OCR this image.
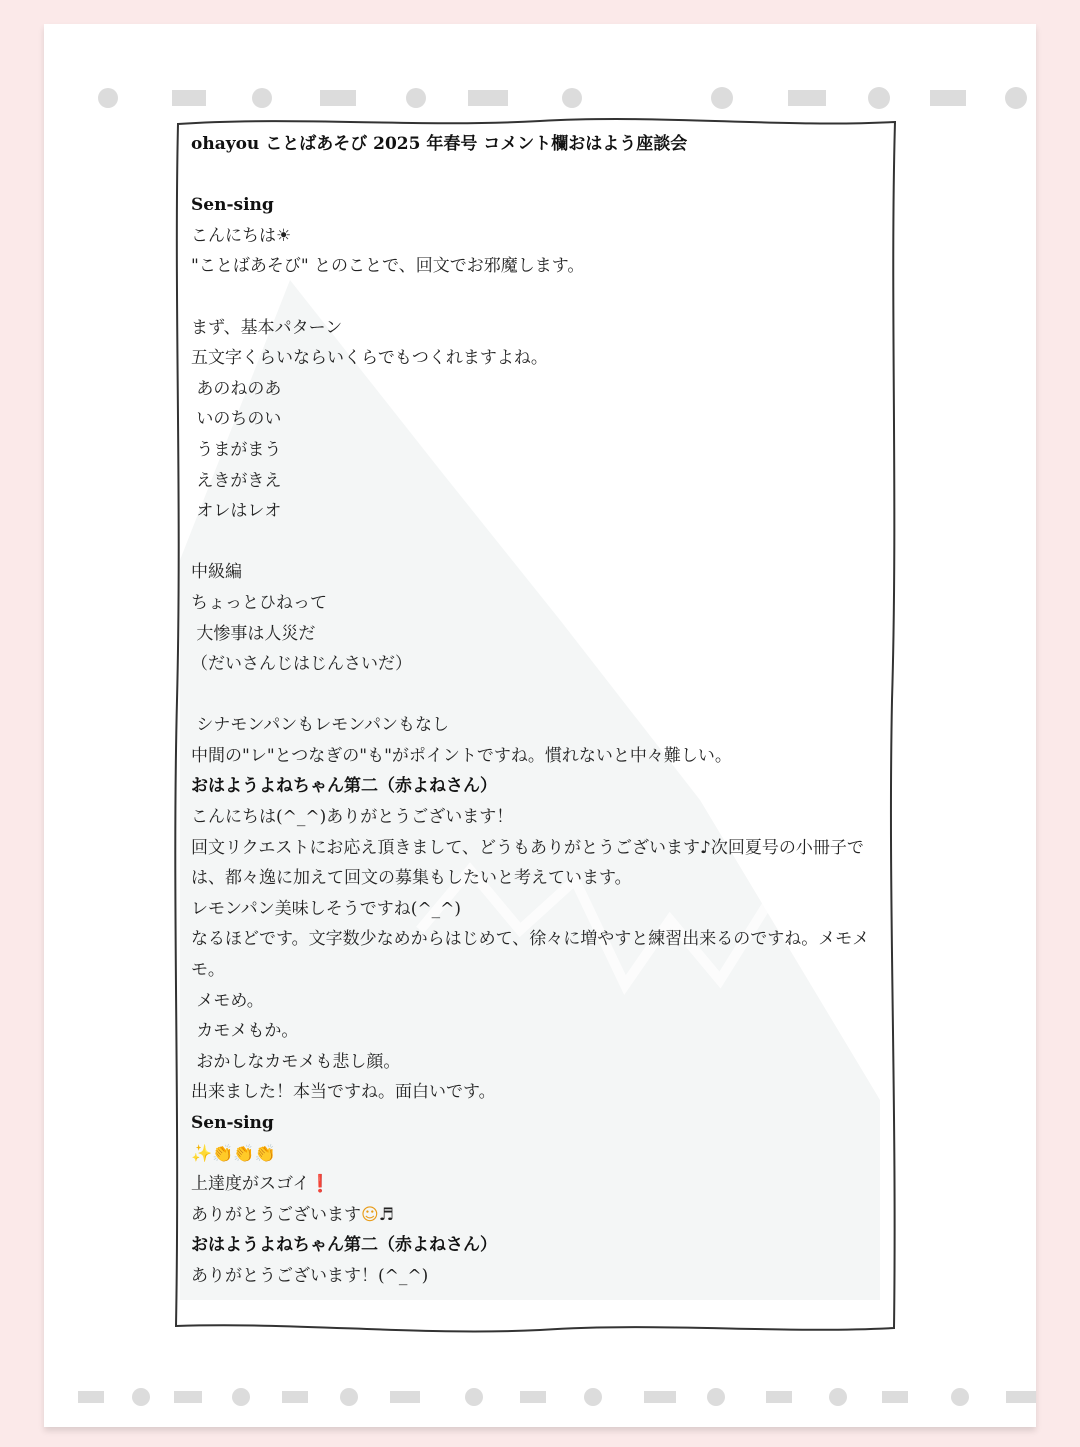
ohayou ことばあそび 2025 年春号 コメント欄おはよう座談会
Sen-sing
こんにちは☀
"ことばあそび" とのことで、回文でお邪魔します。
まず、基本パターン
五文字くらいならいくらでもつくれますよね。
あのねのあ
いのちのい
うまがまう
えきがきえ
オレはレオ
中級編
ちょっとひねって
大惨事は人災だ
（だいさんじはじんさいだ）
シナモンパンもレモンパンもなし
中間の"レ"とつなぎの"も"がポイントですね。慣れないと中々難しい。
おはようよねちゃん第二（赤よねさん）
こんにちは(^_^)ありがとうございます！
回文リクエストにお応え頂きまして、どうもありがとうございます♪次回夏号の小冊子では、都々逸に加えて回文の募集もしたいと考えています。
レモンパン美味しそうですね(^_^)
なるほどです。文字数少なめからはじめて、徐々に増やすと練習出来るのですね。メモメモ。
メモめ。
カモメもか。
おかしなカモメも悲し顔。
出来ました！本当ですね。面白いです。
Sen-sing
✨👏👏👏
上達度がスゴイ❗
ありがとうございます☺♬
おはようよねちゃん第二（赤よねさん）
ありがとうございます！(^_^)
